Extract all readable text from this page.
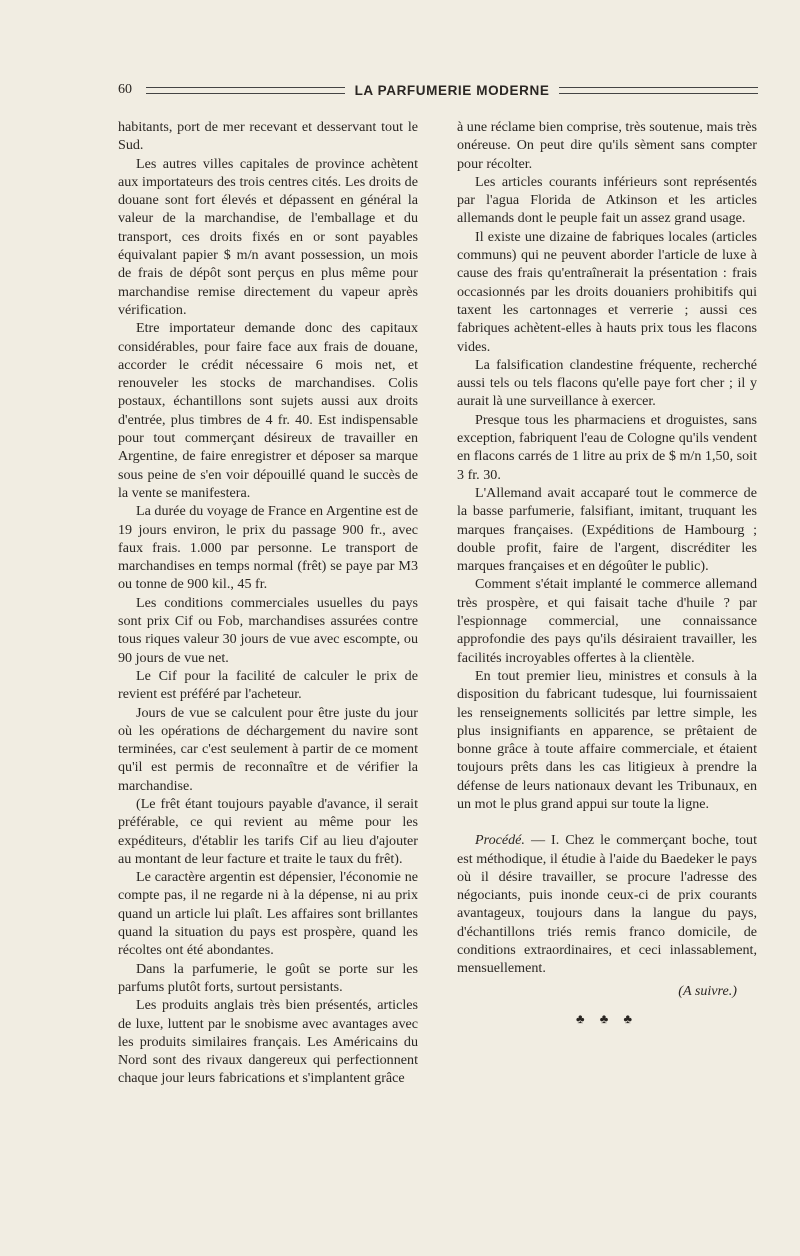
60	LA PARFUMERIE MODERNE

habitants, port de mer recevant et desservant tout le Sud.

Les autres villes capitales de province achètent aux importateurs des trois centres cités. Les droits de douane sont fort élevés et dépassent en général la valeur de la marchandise, de l'emballage et du transport, ces droits fixés en or sont payables équivalant papier $ m/n avant possession, un mois de frais de dépôt sont perçus en plus même pour marchandise remise directement du vapeur après vérification.

Etre importateur demande donc des capitaux considérables, pour faire face aux frais de douane, accorder le crédit nécessaire 6 mois net, et renouveler les stocks de marchandises. Colis postaux, échantillons sont sujets aussi aux droits d'entrée, plus timbres de 4 fr. 40. Est indispensable pour tout commerçant désireux de travailler en Argentine, de faire enregistrer et déposer sa marque sous peine de s'en voir dépouillé quand le succès de la vente se manifestera.

La durée du voyage de France en Argentine est de 19 jours environ, le prix du passage 900 fr., avec faux frais. 1.000 par personne. Le transport de marchandises en temps normal (frêt) se paye par M3 ou tonne de 900 kil., 45 fr.

Les conditions commerciales usuelles du pays sont prix Cif ou Fob, marchandises assurées contre tous riques valeur 30 jours de vue avec escompte, ou 90 jours de vue net.

Le Cif pour la facilité de calculer le prix de revient est préféré par l'acheteur.

Jours de vue se calculent pour être juste du jour où les opérations de déchargement du navire sont terminées, car c'est seulement à partir de ce moment qu'il est permis de reconnaître et de vérifier la marchandise.

(Le frêt étant toujours payable d'avance, il serait préférable, ce qui revient au même pour les expéditeurs, d'établir les tarifs Cif au lieu d'ajouter au montant de leur facture et traite le taux du frêt).

Le caractère argentin est dépensier, l'économie ne compte pas, il ne regarde ni à la dépense, ni au prix quand un article lui plaît. Les affaires sont brillantes quand la situation du pays est prospère, quand les récoltes ont été abondantes.

Dans la parfumerie, le goût se porte sur les parfums plutôt forts, surtout persistants.

Les produits anglais très bien présentés, articles de luxe, luttent par le snobisme avec avantages avec les produits similaires français. Les Américains du Nord sont des rivaux dangereux qui perfectionnent chaque jour leurs fabrications et s'implantent grâce

à une réclame bien comprise, très soutenue, mais très onéreuse. On peut dire qu'ils sèment sans compter pour récolter.

Les articles courants inférieurs sont représentés par l'agua Florida de Atkinson et les articles allemands dont le peuple fait un assez grand usage.

Il existe une dizaine de fabriques locales (articles communs) qui ne peuvent aborder l'article de luxe à cause des frais qu'entraînerait la présentation : frais occasionnés par les droits douaniers prohibitifs qui taxent les cartonnages et verrerie ; aussi ces fabriques achètent-elles à hauts prix tous les flacons vides.

La falsification clandestine fréquente, recherché aussi tels ou tels flacons qu'elle paye fort cher ; il y aurait là une surveillance à exercer.

Presque tous les pharmaciens et droguistes, sans exception, fabriquent l'eau de Cologne qu'ils vendent en flacons carrés de 1 litre au prix de $ m/n 1,50, soit 3 fr. 30.

L'Allemand avait accaparé tout le commerce de la basse parfumerie, falsifiant, imitant, truquant les marques françaises. (Expéditions de Hambourg ; double profit, faire de l'argent, discréditer les marques françaises et en dégoûter le public).

Comment s'était implanté le commerce allemand très prospère, et qui faisait tache d'huile ? par l'espionnage commercial, une connaissance approfondie des pays qu'ils désiraient travailler, les facilités incroyables offertes à la clientèle.

En tout premier lieu, ministres et consuls à la disposition du fabricant tudesque, lui fournissaient les renseignements sollicités par lettre simple, les plus insignifiants en apparence, se prêtaient de bonne grâce à toute affaire commerciale, et étaient toujours prêts dans les cas litigieux à prendre la défense de leurs nationaux devant les Tribunaux, en un mot le plus grand appui sur toute la ligne.

Procédé. — I. Chez le commerçant boche, tout est méthodique, il étudie à l'aide du Baedeker le pays où il désire travailler, se procure l'adresse des négociants, puis inonde ceux-ci de prix courants avantageux, toujours dans la langue du pays, d'échantillons triés remis franco domicile, de conditions extraordinaires, et ceci inlassablement, mensuellement.

(A suivre.)

♣ ♣ ♣
